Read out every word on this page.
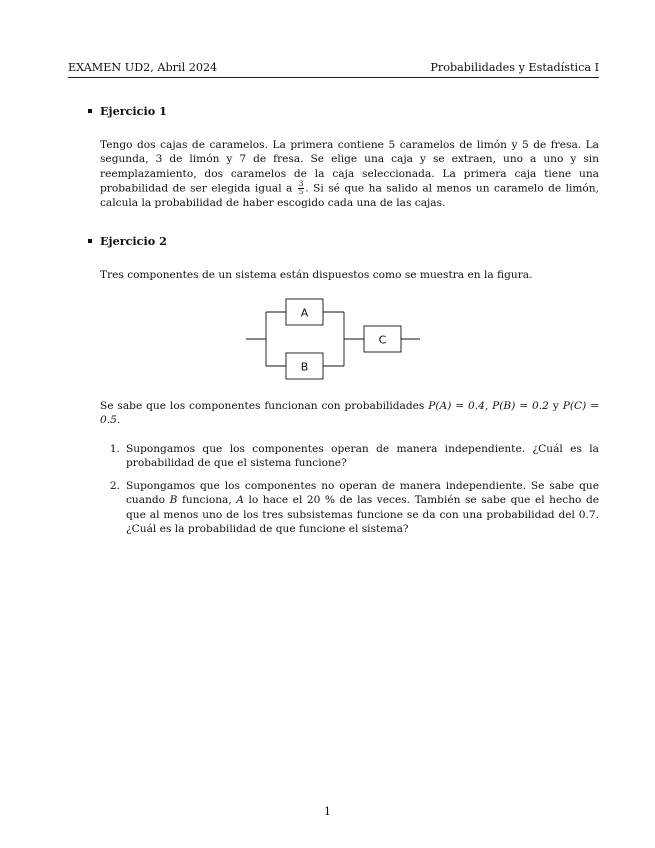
EXAMEN UD2, Abril 2024	Probabilidades y Estadística I
Ejercicio 1

Tengo dos cajas de caramelos. La primera contiene 5 caramelos de limón y 5 de fresa. La segunda, 3 de limón y 7 de fresa. Se elige una caja y se extraen, uno a uno y sin reemplazamiento, dos caramelos de la caja seleccionada. La primera caja tiene una probabilidad de ser elegida igual a $\frac{3}{5}$ . Si sé que ha salido al menos un caramelo de limón, calcula la probabilidad de haber escogido cada una de las cajas.

Ejercicio 2

Tres componentes de un sistema están dispuestos como se muestra en la figura.

A
B
C

Se sabe que los componentes funcionan con probabilidades P(A) = 0.4, P(B) = 0.2 y P(C) = 0.5.

1. Supongamos que los componentes operan de manera independiente. ¿Cuál es la probabilidad de que el sistema funcione?
2. Supongamos que los componentes no operan de manera independiente. Se sabe que cuando B funciona, A lo hace el 20 % de las veces. También se sabe que el hecho de que al menos uno de los tres subsistemas funcione se da con una probabilidad del 0.7. ¿Cuál es la probabilidad de que funcione el sistema?
1
